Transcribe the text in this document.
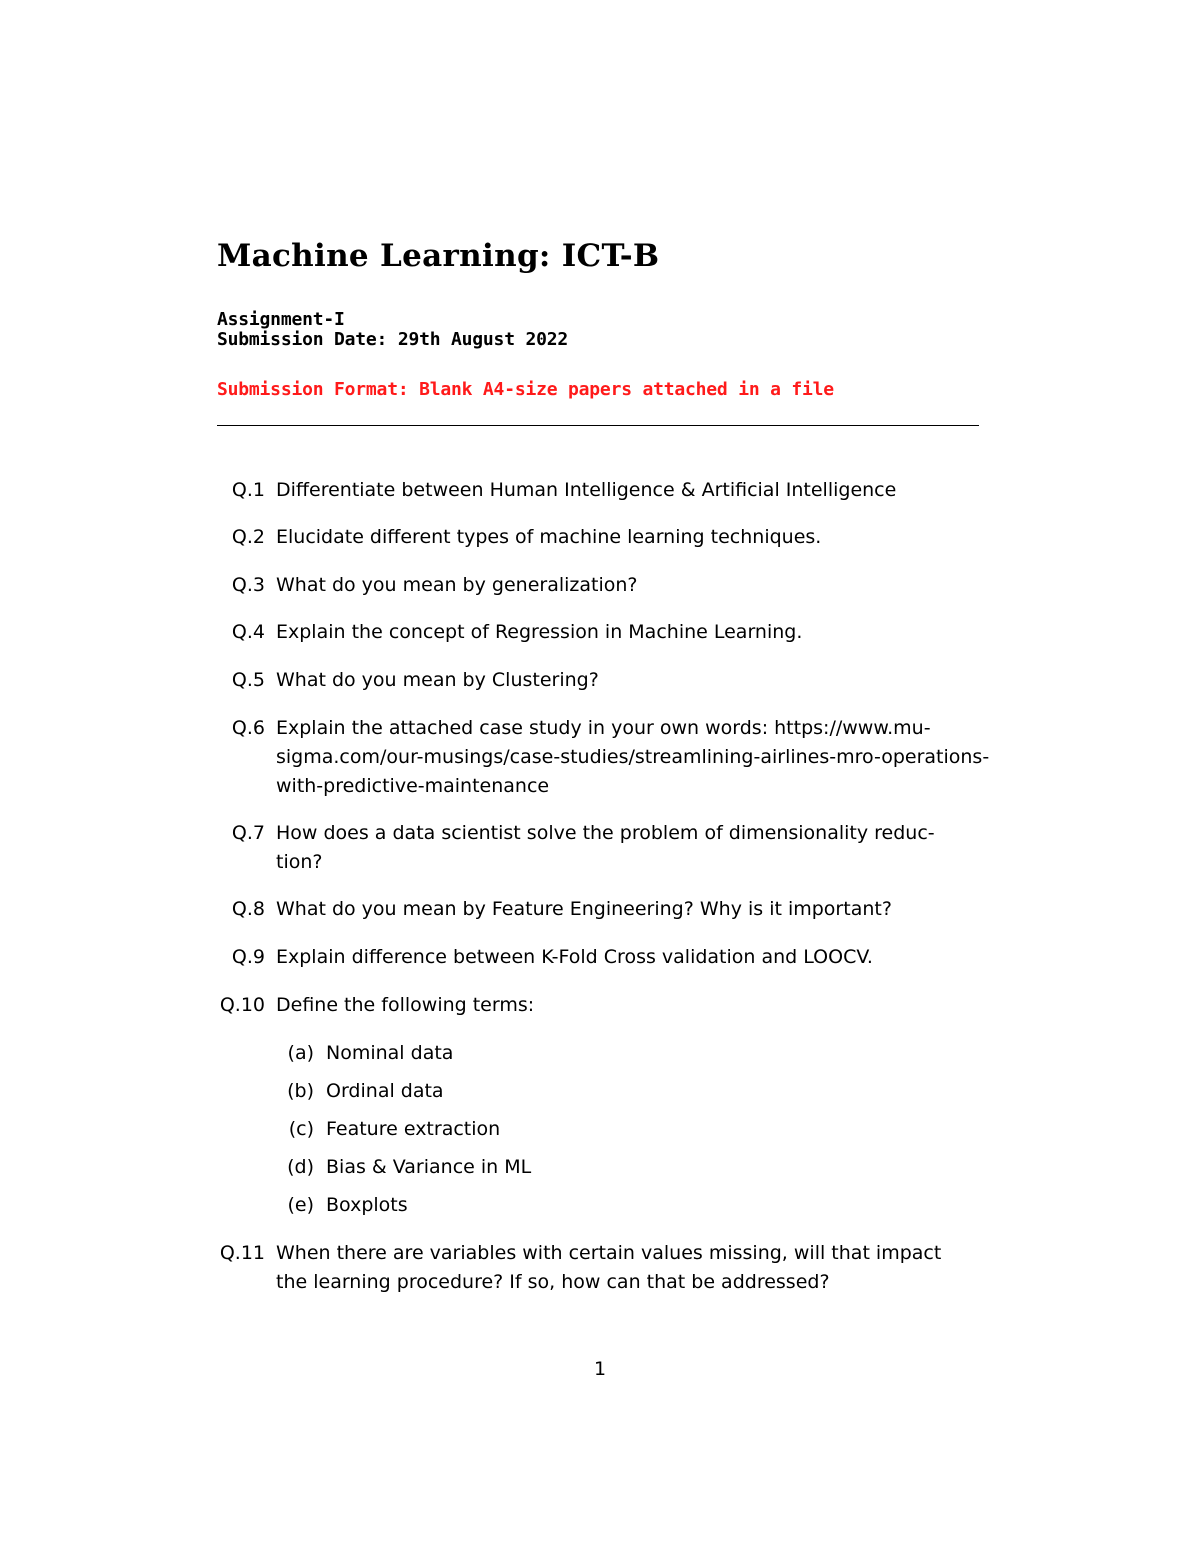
Machine Learning: ICT-B
Assignment-I
Submission Date: 29th August 2022
Submission Format: Blank A4-size papers attached in a file
Q.1 Differentiate between Human Intelligence & Artificial Intelligence
Q.2 Elucidate different types of machine learning techniques.
Q.3 What do you mean by generalization?
Q.4 Explain the concept of Regression in Machine Learning.
Q.5 What do you mean by Clustering?
Q.6 Explain the attached case study in your own words: https://www.mu-
sigma.com/our-musings/case-studies/streamlining-airlines-mro-operations-
with-predictive-maintenance
Q.7 How does a data scientist solve the problem of dimensionality reduc-
tion?
Q.8 What do you mean by Feature Engineering? Why is it important?
Q.9 Explain difference between K-Fold Cross validation and LOOCV.
Q.10 Define the following terms:
(a) Nominal data
(b) Ordinal data
(c) Feature extraction
(d) Bias & Variance in ML
(e) Boxplots
Q.11 When there are variables with certain values missing, will that impact
the learning procedure? If so, how can that be addressed?
1
